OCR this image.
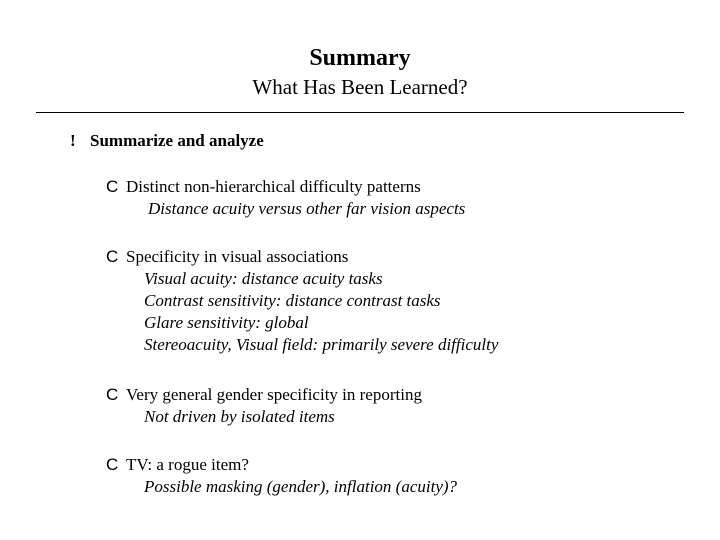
Summary
What Has Been Learned?
! Summarize and analyze
C Distinct non-hierarchical difficulty patterns
Distance acuity versus other far vision aspects
C Specificity in visual associations
Visual acuity: distance acuity tasks
Contrast sensitivity: distance contrast tasks
Glare sensitivity: global
Stereoacuity, Visual field: primarily severe difficulty
C Very general gender specificity in reporting
Not driven by isolated items
C TV: a rogue item?
Possible masking (gender), inflation (acuity)?
